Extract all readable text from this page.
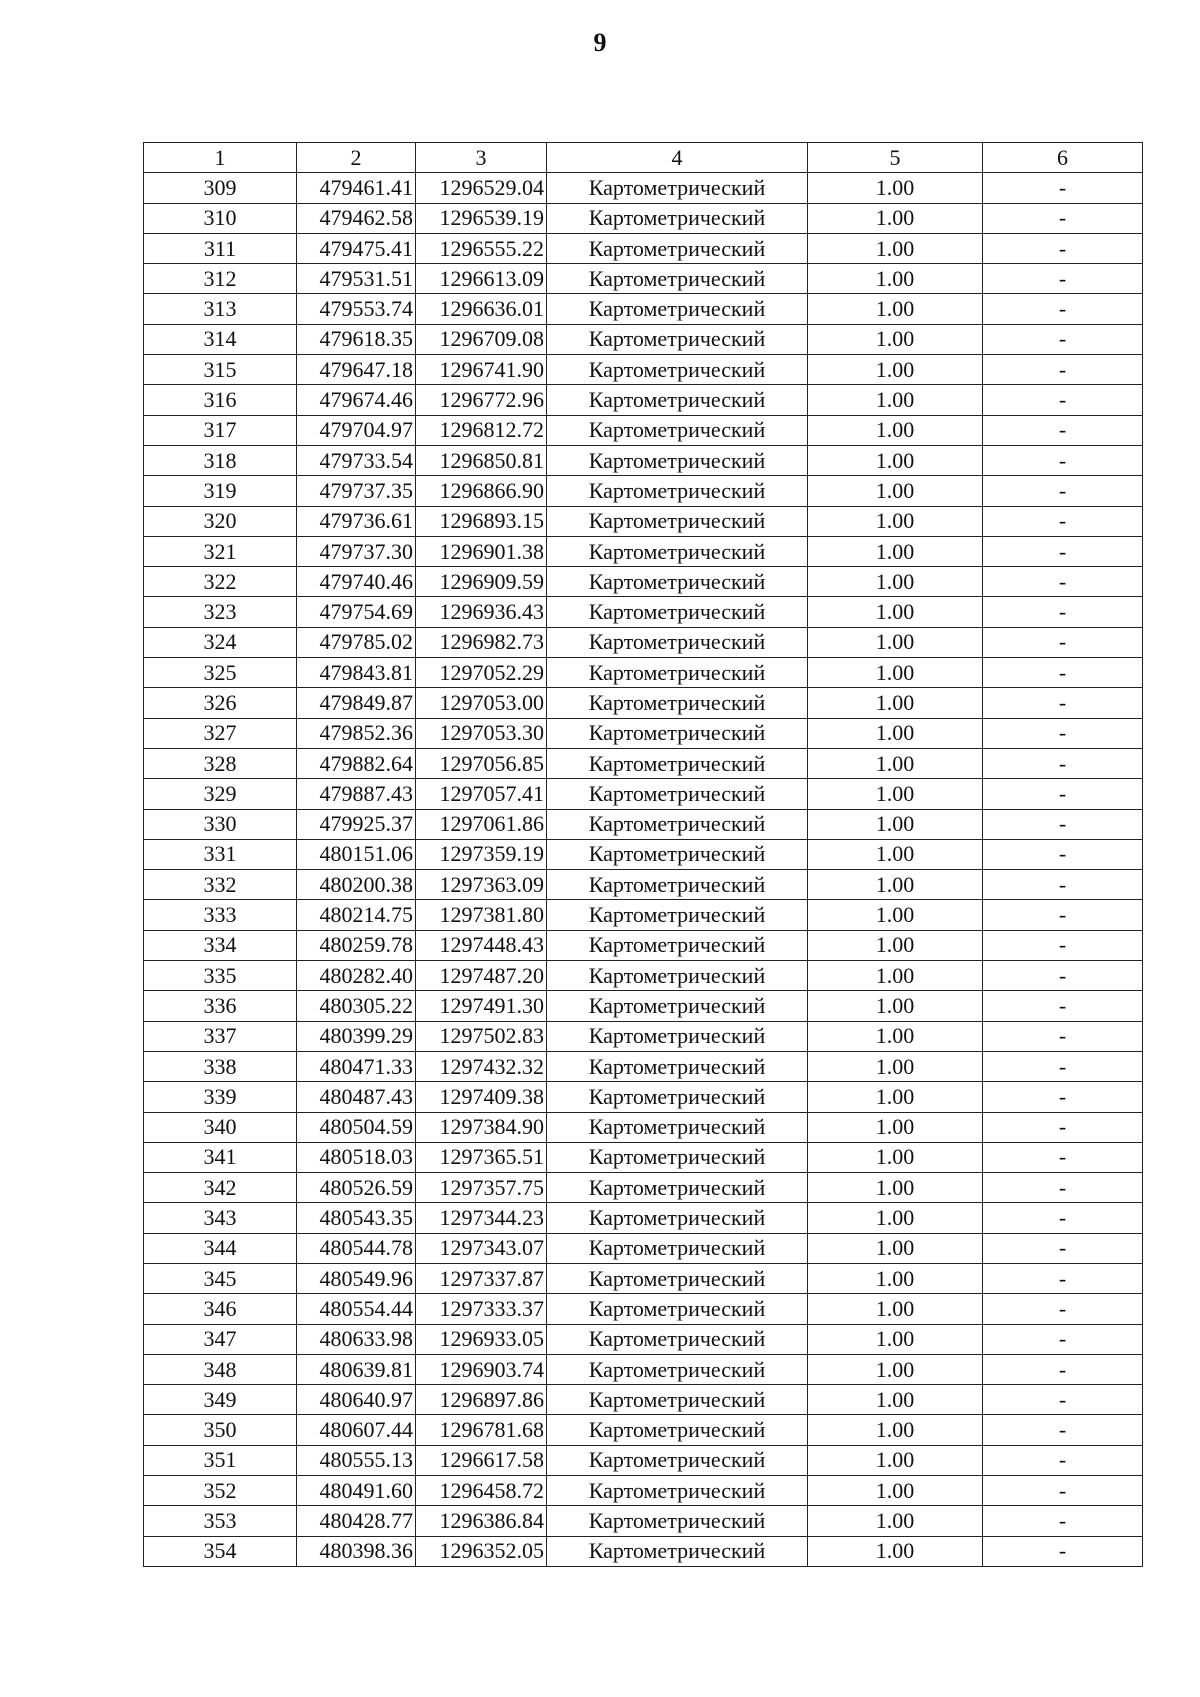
9
1	2	3	4	5	6
309	479461.41	1296529.04	Картометрический	1.00	-
310	479462.58	1296539.19	Картометрический	1.00	-
311	479475.41	1296555.22	Картометрический	1.00	-
312	479531.51	1296613.09	Картометрический	1.00	-
313	479553.74	1296636.01	Картометрический	1.00	-
314	479618.35	1296709.08	Картометрический	1.00	-
315	479647.18	1296741.90	Картометрический	1.00	-
316	479674.46	1296772.96	Картометрический	1.00	-
317	479704.97	1296812.72	Картометрический	1.00	-
318	479733.54	1296850.81	Картометрический	1.00	-
319	479737.35	1296866.90	Картометрический	1.00	-
320	479736.61	1296893.15	Картометрический	1.00	-
321	479737.30	1296901.38	Картометрический	1.00	-
322	479740.46	1296909.59	Картометрический	1.00	-
323	479754.69	1296936.43	Картометрический	1.00	-
324	479785.02	1296982.73	Картометрический	1.00	-
325	479843.81	1297052.29	Картометрический	1.00	-
326	479849.87	1297053.00	Картометрический	1.00	-
327	479852.36	1297053.30	Картометрический	1.00	-
328	479882.64	1297056.85	Картометрический	1.00	-
329	479887.43	1297057.41	Картометрический	1.00	-
330	479925.37	1297061.86	Картометрический	1.00	-
331	480151.06	1297359.19	Картометрический	1.00	-
332	480200.38	1297363.09	Картометрический	1.00	-
333	480214.75	1297381.80	Картометрический	1.00	-
334	480259.78	1297448.43	Картометрический	1.00	-
335	480282.40	1297487.20	Картометрический	1.00	-
336	480305.22	1297491.30	Картометрический	1.00	-
337	480399.29	1297502.83	Картометрический	1.00	-
338	480471.33	1297432.32	Картометрический	1.00	-
339	480487.43	1297409.38	Картометрический	1.00	-
340	480504.59	1297384.90	Картометрический	1.00	-
341	480518.03	1297365.51	Картометрический	1.00	-
342	480526.59	1297357.75	Картометрический	1.00	-
343	480543.35	1297344.23	Картометрический	1.00	-
344	480544.78	1297343.07	Картометрический	1.00	-
345	480549.96	1297337.87	Картометрический	1.00	-
346	480554.44	1297333.37	Картометрический	1.00	-
347	480633.98	1296933.05	Картометрический	1.00	-
348	480639.81	1296903.74	Картометрический	1.00	-
349	480640.97	1296897.86	Картометрический	1.00	-
350	480607.44	1296781.68	Картометрический	1.00	-
351	480555.13	1296617.58	Картометрический	1.00	-
352	480491.60	1296458.72	Картометрический	1.00	-
353	480428.77	1296386.84	Картометрический	1.00	-
354	480398.36	1296352.05	Картометрический	1.00	-
